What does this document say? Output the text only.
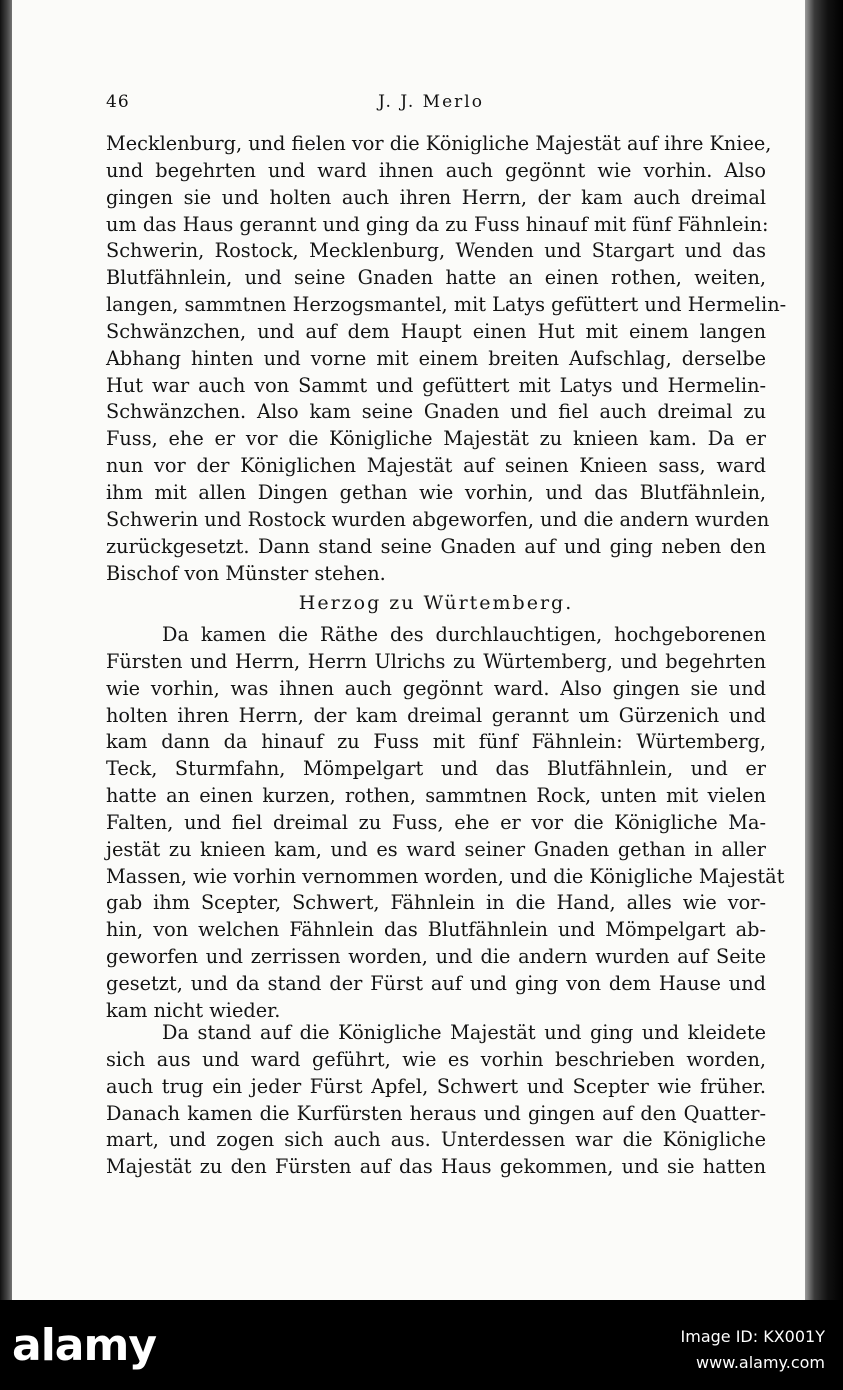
46	J. J. Merlo
Mecklenburg, und fielen vor die Königliche Majestät auf ihre Kniee,
und begehrten und ward ihnen auch gegönnt wie vorhin. Also
gingen sie und holten auch ihren Herrn, der kam auch dreimal
um das Haus gerannt und ging da zu Fuss hinauf mit fünf Fähnlein:
Schwerin, Rostock, Mecklenburg, Wenden und Stargart und das
Blutfähnlein, und seine Gnaden hatte an einen rothen, weiten,
langen, sammtnen Herzogsmantel, mit Latys gefüttert und Hermelin-
Schwänzchen, und auf dem Haupt einen Hut mit einem langen
Abhang hinten und vorne mit einem breiten Aufschlag, derselbe
Hut war auch von Sammt und gefüttert mit Latys und Hermelin-
Schwänzchen. Also kam seine Gnaden und fiel auch dreimal zu
Fuss, ehe er vor die Königliche Majestät zu knieen kam. Da er
nun vor der Königlichen Majestät auf seinen Knieen sass, ward
ihm mit allen Dingen gethan wie vorhin, und das Blutfähnlein,
Schwerin und Rostock wurden abgeworfen, und die andern wurden
zurückgesetzt. Dann stand seine Gnaden auf und ging neben den
Bischof von Münster stehen.
Herzog zu Würtemberg.
Da kamen die Räthe des durchlauchtigen, hochgeborenen
Fürsten und Herrn, Herrn Ulrichs zu Würtemberg, und begehrten
wie vorhin, was ihnen auch gegönnt ward. Also gingen sie und
holten ihren Herrn, der kam dreimal gerannt um Gürzenich und
kam dann da hinauf zu Fuss mit fünf Fähnlein: Würtemberg,
Teck, Sturmfahn, Mömpelgart und das Blutfähnlein, und er
hatte an einen kurzen, rothen, sammtnen Rock, unten mit vielen
Falten, und fiel dreimal zu Fuss, ehe er vor die Königliche Ma-
jestät zu knieen kam, und es ward seiner Gnaden gethan in aller
Massen, wie vorhin vernommen worden, und die Königliche Majestät
gab ihm Scepter, Schwert, Fähnlein in die Hand, alles wie vor-
hin, von welchen Fähnlein das Blutfähnlein und Mömpelgart ab-
geworfen und zerrissen worden, und die andern wurden auf Seite
gesetzt, und da stand der Fürst auf und ging von dem Hause und
kam nicht wieder.
Da stand auf die Königliche Majestät und ging und kleidete
sich aus und ward geführt, wie es vorhin beschrieben worden,
auch trug ein jeder Fürst Apfel, Schwert und Scepter wie früher.
Danach kamen die Kurfürsten heraus und gingen auf den Quatter-
mart, und zogen sich auch aus. Unterdessen war die Königliche
Majestät zu den Fürsten auf das Haus gekommen, und sie hatten
alamy	Image ID: KX001Y
www.alamy.com
